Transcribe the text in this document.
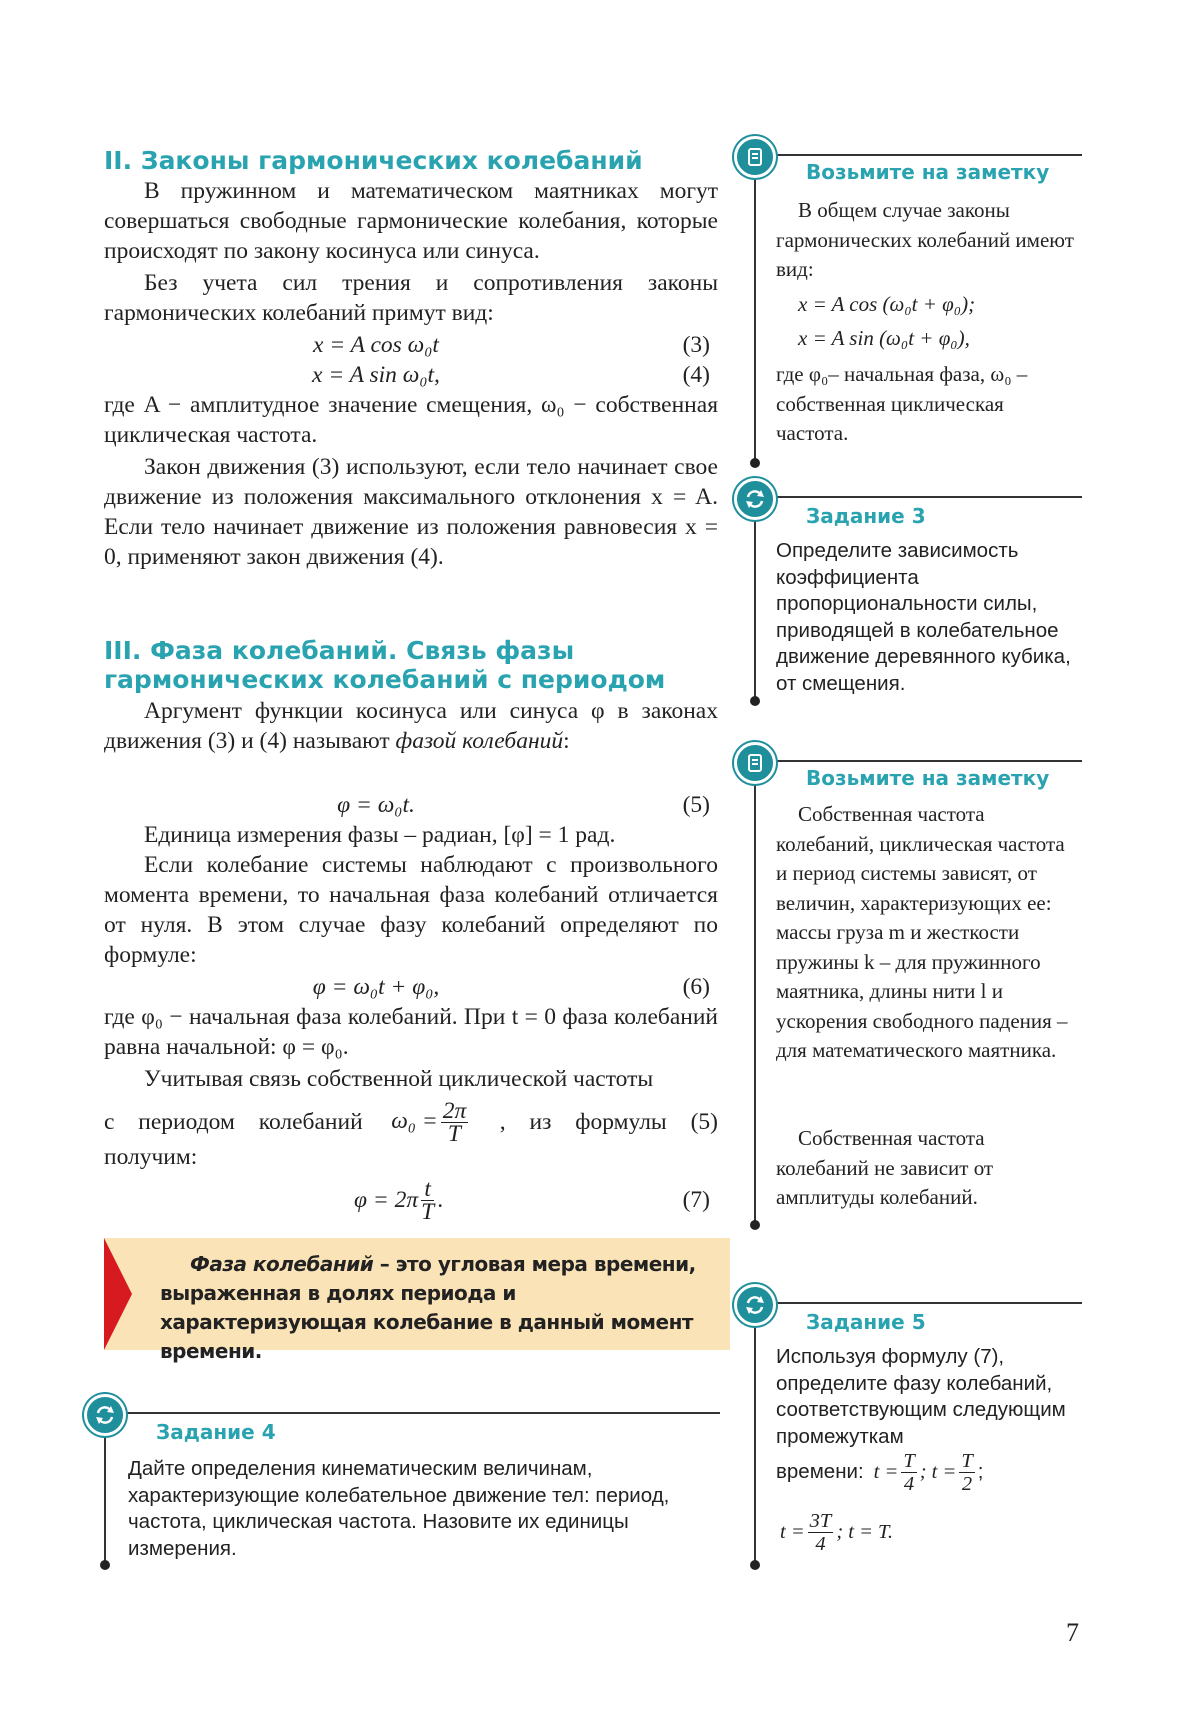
II. Законы гармонических колебаний
В пружинном и математическом маятниках могут совершаться свободные гармонические колебания, которые происходят по закону косинуса или синуса.
Без учета сил трения и сопротивления законы гармонических колебаний примут вид:
x = A cos ω₀t	(3)
x = A sin ω₀t,	(4)
где A − амплитудное значение смещения, ω₀ − собственная циклическая частота.
Закон движения (3) используют, если тело начинает свое движение из положения максимального отклонения x = A. Если тело начинает движение из положения равновесия x = 0, применяют закон движения (4).
III. Фаза колебаний. Связь фазы
гармонических колебаний с периодом
Аргумент функции косинуса или синуса φ в законах движения (3) и (4) называют фазой колебаний:
φ = ω₀t.	(5)
Единица измерения фазы – радиан, [φ] = 1 рад.
Если колебание системы наблюдают с произвольного момента времени, то начальная фаза колебаний отличается от нуля. В этом случае фазу колебаний определяют по формуле:
φ = ω₀t + φ₀,	(6)
где φ₀ − начальная фаза колебаний. При t = 0 фаза колебаний равна начальной: φ = φ₀.
Учитывая связь собственной циклической частоты
с периодом колебаний $\omega_0 = \frac{2\pi}{T}$ , из формулы (5)
получим:
$\varphi = 2\pi \frac{t}{T}$ .	(7)
Фаза колебаний – это угловая мера времени, выраженная в долях периода и характеризующая колебание в данный момент времени.
Задание 4
Дайте определения кинематическим величинам, характеризующие колебательное движение тел: период, частота, циклическая частота. Назовите их единицы измерения.
Возьмите на заметку
В общем случае законы гармонических колебаний имеют вид:
x = A cos (ω₀t + φ₀);
x = A sin (ω₀t + φ₀),
где φ₀– начальная фаза, ω₀ – собственная циклическая частота.
Задание 3
Определите зависимость коэффициента пропорциональности силы, приводящей в колебательное движение деревянного кубика, от смещения.
Возьмите на заметку
Собственная частота колебаний, циклическая частота и период системы зависят, от величин, характеризующих ее: массы груза m и жесткости пружины k – для пружинного маятника, длины нити l и ускорения свободного падения – для математического маятника.
Собственная частота колебаний не зависит от амплитуды колебаний.
Задание 5
Используя формулу (7), определите фазу колебаний, соответствующим следующим промежуткам
времени: $t = \frac{T}{4}$ ; $t = \frac{T}{2}$ ;
$t = \frac{3T}{4}$ ; t = T.
7
